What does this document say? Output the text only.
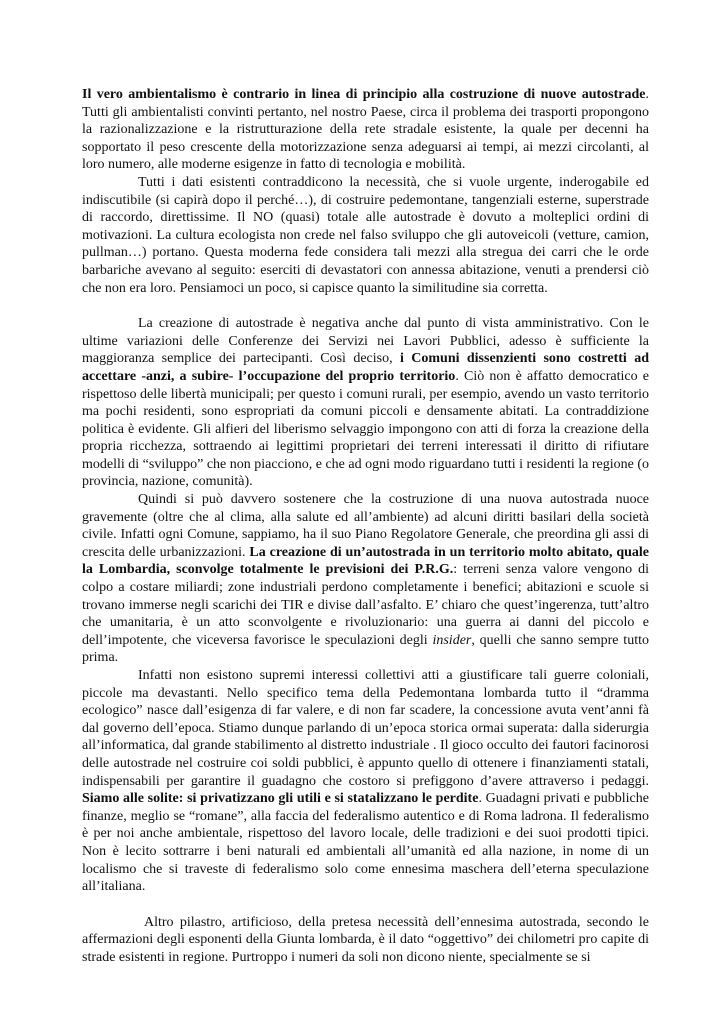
Il vero ambientalismo è contrario in linea di principio alla costruzione di nuove autostrade. Tutti gli ambientalisti convinti pertanto, nel nostro Paese, circa il problema dei trasporti propongono la razionalizzazione e la ristrutturazione della rete stradale esistente, la quale per decenni ha sopportato il peso crescente della motorizzazione senza adeguarsi ai tempi, ai mezzi circolanti, al loro numero, alle moderne esigenze in fatto di tecnologia e mobilità.

Tutti i dati esistenti contraddicono la necessità, che si vuole urgente, inderogabile ed indiscutibile (si capirà dopo il perché…), di costruire pedemontane, tangenziali esterne, superstrade di raccordo, direttissime. Il NO (quasi) totale alle autostrade è dovuto a molteplici ordini di motivazioni. La cultura ecologista non crede nel falso sviluppo che gli autoveicoli (vetture, camion, pullman…) portano. Questa moderna fede considera tali mezzi alla stregua dei carri che le orde barbariche avevano al seguito: eserciti di devastatori con annessa abitazione, venuti a prendersi ciò che non era loro. Pensiamoci un poco, si capisce quanto la similitudine sia corretta.

La creazione di autostrade è negativa anche dal punto di vista amministrativo. Con le ultime variazioni delle Conferenze dei Servizi nei Lavori Pubblici, adesso è sufficiente la maggioranza semplice dei partecipanti. Così deciso, i Comuni dissenzienti sono costretti ad accettare -anzi, a subire- l’occupazione del proprio territorio. Ciò non è affatto democratico e rispettoso delle libertà municipali; per questo i comuni rurali, per esempio, avendo un vasto territorio ma pochi residenti, sono espropriati da comuni piccoli e densamente abitati. La contraddizione politica è evidente. Gli alfieri del liberismo selvaggio impongono con atti di forza la creazione della propria ricchezza, sottraendo ai legittimi proprietari dei terreni interessati il diritto di rifiutare modelli di “sviluppo” che non piacciono, e che ad ogni modo riguardano tutti i residenti la regione (o provincia, nazione, comunità).

Quindi si può davvero sostenere che la costruzione di una nuova autostrada nuoce gravemente (oltre che al clima, alla salute ed all’ambiente) ad alcuni diritti basilari della società civile. Infatti ogni Comune, sappiamo, ha il suo Piano Regolatore Generale, che preordina gli assi di crescita delle urbanizzazioni. La creazione di un’autostrada in un territorio molto abitato, quale la Lombardia, sconvolge totalmente le previsioni dei P.R.G.: terreni senza valore vengono di colpo a costare miliardi; zone industriali perdono completamente i benefici; abitazioni e scuole si trovano immerse negli scarichi dei TIR e divise dall’asfalto. E’ chiaro che quest’ingerenza, tutt’altro che umanitaria, è un atto sconvolgente e rivoluzionario: una guerra ai danni del piccolo e dell’impotente, che viceversa favorisce le speculazioni degli insider, quelli che sanno sempre tutto prima.

Infatti non esistono supremi interessi collettivi atti a giustificare tali guerre coloniali, piccole ma devastanti. Nello specifico tema della Pedemontana lombarda tutto il “dramma ecologico” nasce dall’esigenza di far valere, e di non far scadere, la concessione avuta vent’anni fà dal governo dell’epoca. Stiamo dunque parlando di un’epoca storica ormai superata: dalla siderurgia all’informatica, dal grande stabilimento al distretto industriale . Il gioco occulto dei fautori facinorosi delle autostrade nel costruire coi soldi pubblici, è appunto quello di ottenere i finanziamenti statali, indispensabili per garantire il guadagno che costoro si prefiggono d’avere attraverso i pedaggi. Siamo alle solite: si privatizzano gli utili e si statalizzano le perdite. Guadagni privati e pubbliche finanze, meglio se “romane”, alla faccia del federalismo autentico e di Roma ladrona. Il federalismo è per noi anche ambientale, rispettoso del lavoro locale, delle tradizioni e dei suoi prodotti tipici. Non è lecito sottrarre i beni naturali ed ambientali all’umanità ed alla nazione, in nome di un localismo che si traveste di federalismo solo come ennesima maschera dell’eterna speculazione all’italiana.

Altro pilastro, artificioso, della pretesa necessità dell’ennesima autostrada, secondo le affermazioni degli esponenti della Giunta lombarda, è il dato “oggettivo” dei chilometri pro capite di strade esistenti in regione. Purtroppo i numeri da soli non dicono niente, specialmente se si
